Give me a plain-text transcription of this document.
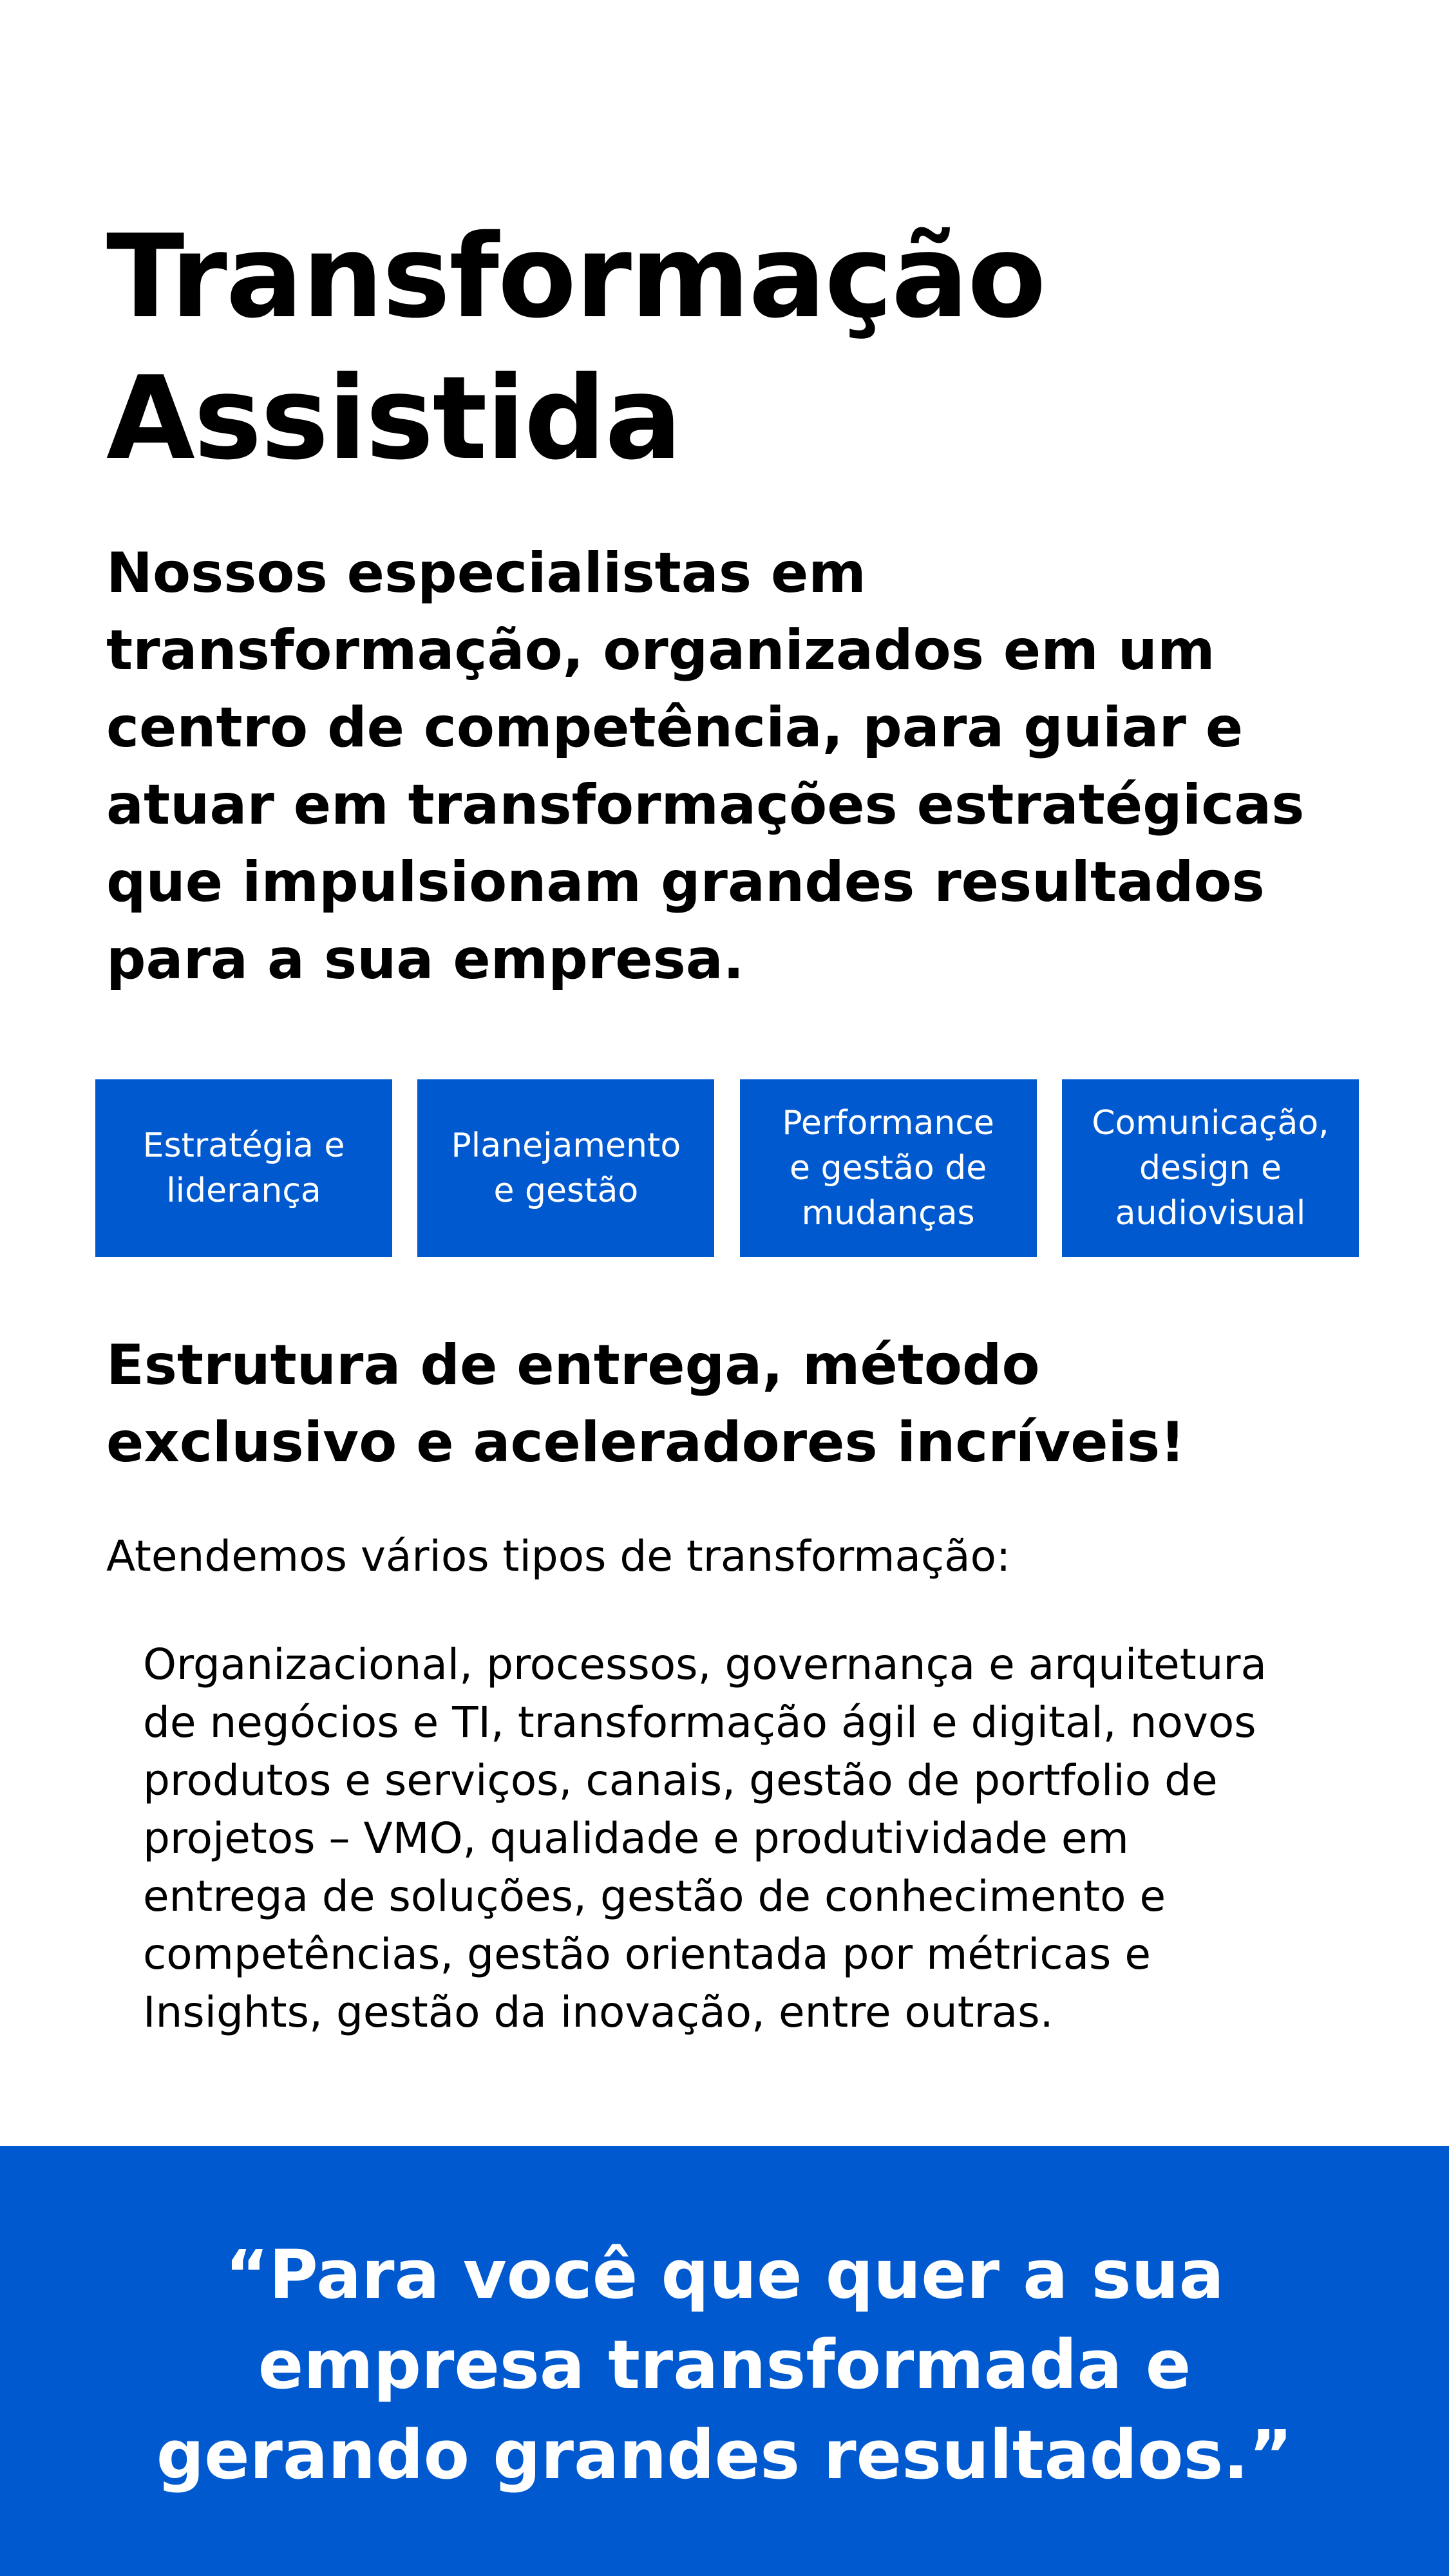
Transformação
Assistida

Nossos especialistas em
transformação, organizados em um
centro de competência, para guiar e
atuar em transformações estratégicas
que impulsionam grandes resultados
para a sua empresa.

Estratégia e
liderança
Planejamento
e gestão
Performance
e gestão de
mudanças
Comunicação,
design e
audiovisual
Estrutura de entrega, método
exclusivo e aceleradores incríveis!

Atendemos vários tipos de transformação:

Organizacional, processos, governança e arquitetura
de negócios e TI, transformação ágil e digital, novos
produtos e serviços, canais, gestão de portfolio de
projetos – VMO, qualidade e produtividade em
entrega de soluções, gestão de conhecimento e
competências, gestão orientada por métricas e
Insights, gestão da inovação, entre outras.

“Para você que quer a sua
empresa transformada e
gerando grandes resultados.”
